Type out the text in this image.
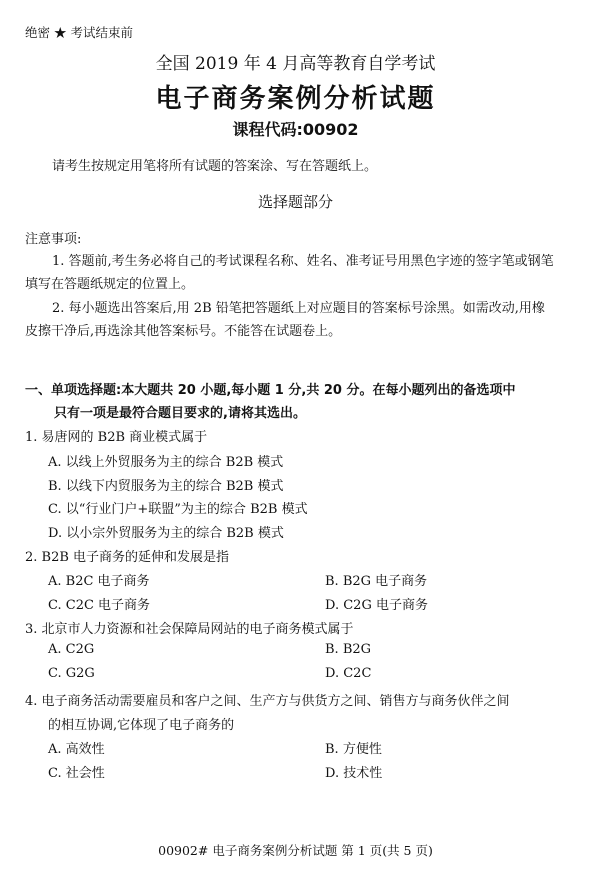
绝密 ★ 考试结束前
全国 2019 年 4 月高等教育自学考试
电子商务案例分析试题
课程代码:00902
请考生按规定用笔将所有试题的答案涂、写在答题纸上。
选择题部分
注意事项:
1. 答题前,考生务必将自己的考试课程名称、姓名、准考证号用黑色字迹的签字笔或钢笔
填写在答题纸规定的位置上。
2. 每小题选出答案后,用 2B 铅笔把答题纸上对应题目的答案标号涂黑。如需改动,用橡
皮擦干净后,再选涂其他答案标号。不能答在试题卷上。
一、单项选择题:本大题共 20 小题,每小题 1 分,共 20 分。在每小题列出的备选项中
只有一项是最符合题目要求的,请将其选出。
1. 易唐网的 B2B 商业模式属于
A. 以线上外贸服务为主的综合 B2B 模式
B. 以线下内贸服务为主的综合 B2B 模式
C. 以“行业门户+联盟”为主的综合 B2B 模式
D. 以小宗外贸服务为主的综合 B2B 模式
2. B2B 电子商务的延伸和发展是指
A. B2C 电子商务	B. B2G 电子商务
C. C2C 电子商务	D. C2G 电子商务
3. 北京市人力资源和社会保障局网站的电子商务模式属于
A. C2G	B. B2G
C. G2G	D. C2C
4. 电子商务活动需要雇员和客户之间、生产方与供货方之间、销售方与商务伙伴之间
的相互协调,它体现了电子商务的
A. 高效性	B. 方便性
C. 社会性	D. 技术性
00902# 电子商务案例分析试题 第 1 页(共 5 页)
